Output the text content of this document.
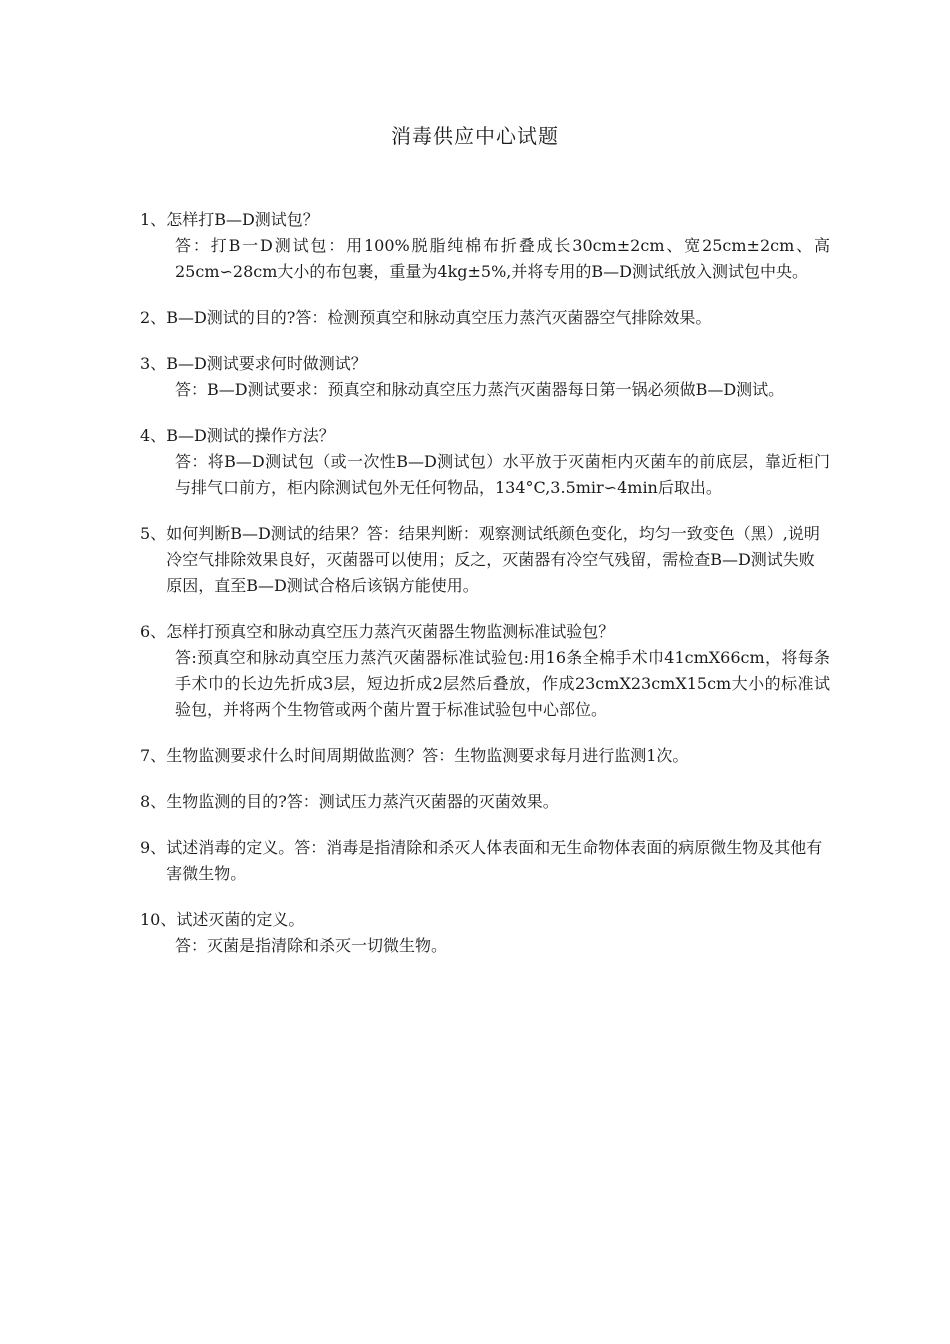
消毒供应中心试题
1、 怎样打B—D测试包？
答：打B一D测试包：用100%脱脂纯棉布折叠成长30cm±2cm、宽25cm±2cm、高25cm∽28cm大小的布包裹，重量为4kg±5%,并将专用的B—D测试纸放入测试包中央。
2、 B—D测试的目的?答：检测预真空和脉动真空压力蒸汽灭菌器空气排除效果。
3、 B—D测试要求何时做测试？
答：B—D测试要求：预真空和脉动真空压力蒸汽灭菌器每日第一锅必须做B—D测试。
4、 B—D测试的操作方法？
答：将B—D测试包（或一次性B—D测试包）水平放于灭菌柜内灭菌车的前底层，靠近柜门与排气口前方，柜内除测试包外无任何物品，134°C,3.5mir∽4min后取出。
5、 如何判断B—D测试的结果？答：结果判断：观察测试纸颜色变化，均匀一致变色（黑）,说明冷空气排除效果良好，灭菌器可以使用；反之，灭菌器有冷空气残留，需检查B—D测试失败原因，直至B—D测试合格后该锅方能使用。
6、 怎样打预真空和脉动真空压力蒸汽灭菌器生物监测标准试验包？
答:预真空和脉动真空压力蒸汽灭菌器标准试验包:用16条全棉手术巾41cmX66cm，将每条手术巾的长边先折成3层，短边折成2层然后叠放，作成23cmX23cmX15cm大小的标准试验包，并将两个生物管或两个菌片置于标准试验包中心部位。
7、 生物监测要求什么时间周期做监测？答：生物监测要求每月进行监测1次。
8、 生物监测的目的?答：测试压力蒸汽灭菌器的灭菌效果。
9、 试述消毒的定义。答：消毒是指清除和杀灭人体表面和无生命物体表面的病原微生物及其他有害微生物。
10、 试述灭菌的定义。
答：灭菌是指清除和杀灭一切微生物。
